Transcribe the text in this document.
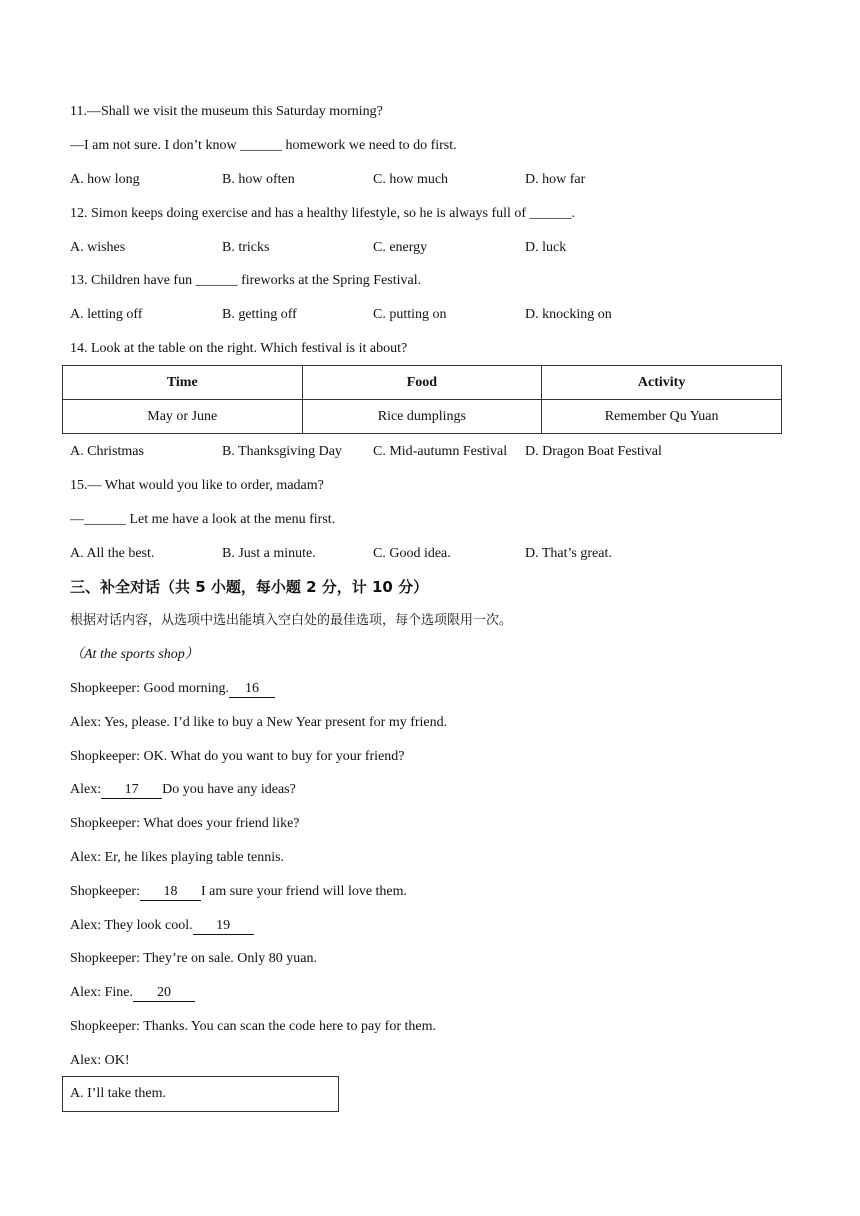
11.—Shall we visit the museum this Saturday morning?
—I am not sure. I don’t know ______ homework we need to do first.
A. how long	B. how often	C. how much	D. how far
12. Simon keeps doing exercise and has a healthy lifestyle, so he is always full of ______.
A. wishes	B. tricks	C. energy	D. luck
13. Children have fun ______ fireworks at the Spring Festival.
A. letting off	B. getting off	C. putting on	D. knocking on
14. Look at the table on the right. Which festival is it about?
Time	Food	Activity
May or June	Rice dumplings	Remember Qu Yuan
A. Christmas	B. Thanksgiving Day C. Mid-autumn Festival D. Dragon Boat Festival
15.— What would you like to order, madam?
—______ Let me have a look at the menu first.
A. All the best.	B. Just a minute.	C. Good idea.	D. That’s great.
三、补全对话（共 5 小题，每小题 2 分，计 10 分）
根据对话内容，从选项中选出能填入空白处的最佳选项，每个选项限用一次。
（At the sports shop）
Shopkeeper: Good morning. 16
Alex: Yes, please. I’d like to buy a New Year present for my friend.
Shopkeeper: OK. What do you want to buy for your friend?
Alex: 17 Do you have any ideas?
Shopkeeper: What does your friend like?
Alex: Er, he likes playing table tennis.
Shopkeeper: 18 I am sure your friend will love them.
Alex: They look cool. 19
Shopkeeper: They’re on sale. Only 80 yuan.
Alex: Fine. 20
Shopkeeper: Thanks. You can scan the code here to pay for them.
Alex: OK!
A. I’ll take them.
